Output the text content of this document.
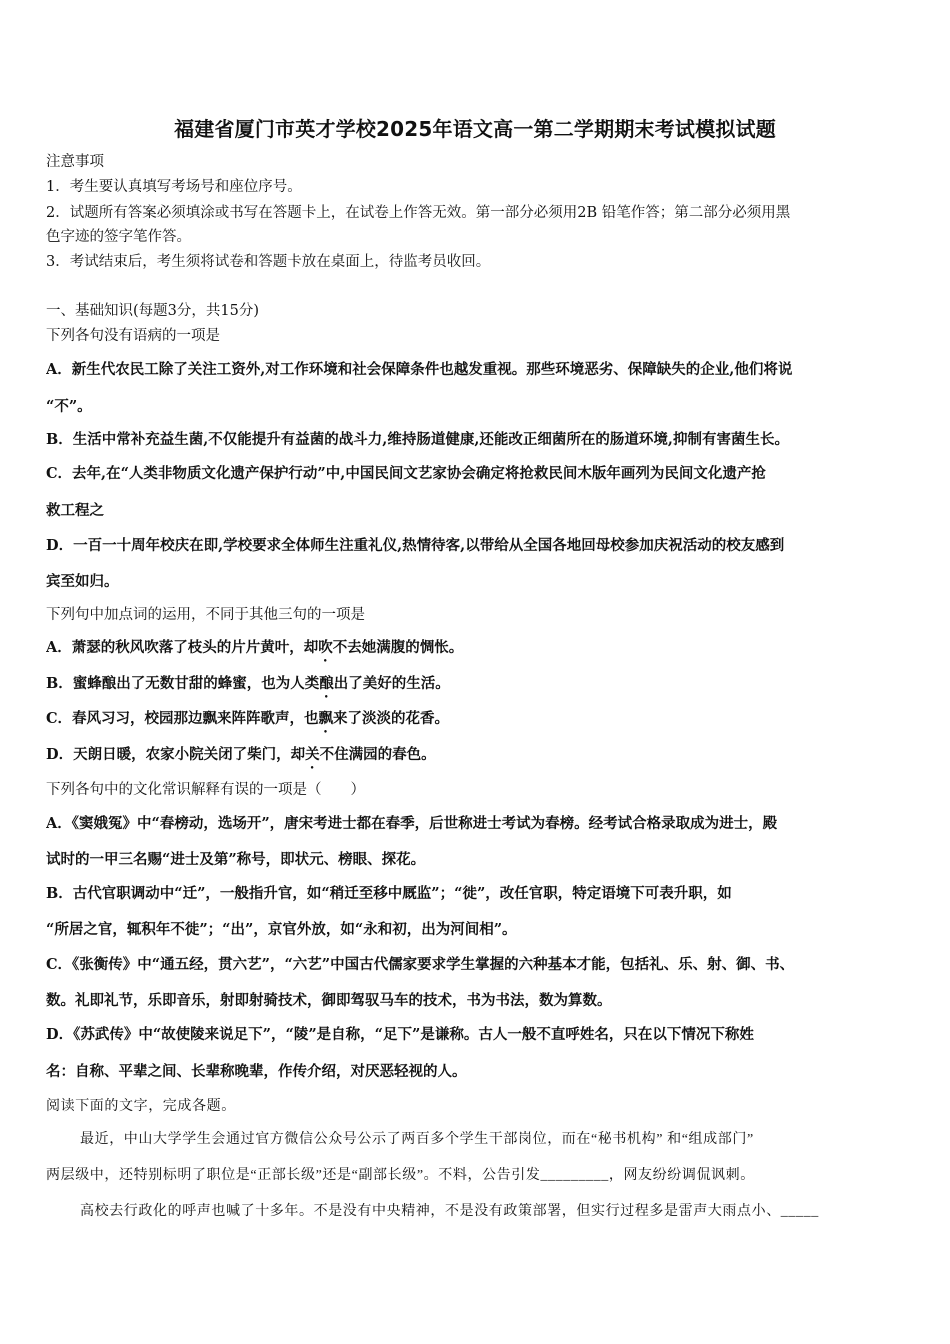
福建省厦门市英才学校2025年语文高一第二学期期末考试模拟试题
注意事项
1．考生要认真填写考场号和座位序号。
2．试题所有答案必须填涂或书写在答题卡上，在试卷上作答无效。第一部分必须用2B 铅笔作答；第二部分必须用黑
色字迹的签字笔作答。
3．考试结束后，考生须将试卷和答题卡放在桌面上，待监考员收回。
一、基础知识(每题3分，共15分)
下列各句没有语病的一项是
A．新生代农民工除了关注工资外,对工作环境和社会保障条件也越发重视。那些环境恶劣、保障缺失的企业,他们将说
“不”。
B．生活中常补充益生菌,不仅能提升有益菌的战斗力,维持肠道健康,还能改正细菌所在的肠道环境,抑制有害菌生长。
C．去年,在“人类非物质文化遗产保护行动”中,中国民间文艺家协会确定将抢救民间木版年画列为民间文化遗产抢
救工程之
D．一百一十周年校庆在即,学校要求全体师生注重礼仪,热情待客,以带给从全国各地回母校参加庆祝活动的校友感到
宾至如归。
下列句中加点词的运用，不同于其他三句的一项是
A．萧瑟的秋风吹落了枝头的片片黄叶，却吹不去她满腹的惆怅。
B．蜜蜂酿出了无数甘甜的蜂蜜，也为人类酿出了美好的生活。
C．春风习习，校园那边飘来阵阵歌声，也飘来了淡淡的花香。
D．天朗日暖，农家小院关闭了柴门，却关不住满园的春色。
下列各句中的文化常识解释有误的一项是（　　）
A．《窦娥冤》中“春榜动，选场开”，唐宋考进士都在春季，后世称进士考试为春榜。经考试合格录取成为进士，殿
试时的一甲三名赐“进士及第”称号，即状元、榜眼、探花。
B．古代官职调动中“迁”，一般指升官，如“稍迁至移中厩监”；“徙”，改任官职，特定语境下可表升职，如
“所居之官，辄积年不徙”；“出”，京官外放，如“永和初，出为河间相”。
C．《张衡传》中“通五经，贯六艺”，“六艺”中国古代儒家要求学生掌握的六种基本才能，包括礼、乐、射、御、书、
数。礼即礼节，乐即音乐，射即射骑技术，御即驾驭马车的技术，书为书法，数为算数。
D．《苏武传》中“故使陵来说足下”，“陵”是自称，“足下”是谦称。古人一般不直呼姓名，只在以下情况下称姓
名：自称、平辈之间、长辈称晚辈，作传介绍，对厌恶轻视的人。
阅读下面的文字，完成各题。
最近，中山大学学生会通过官方微信公众号公示了两百多个学生干部岗位，而在“秘书机构” 和“组成部门”
两层级中，还特别标明了职位是“正部长级”还是“副部长级”。不料，公告引发_________，网友纷纷调侃讽刺。
高校去行政化的呼声也喊了十多年。不是没有中央精神，不是没有政策部署，但实行过程多是雷声大雨点小、_____
